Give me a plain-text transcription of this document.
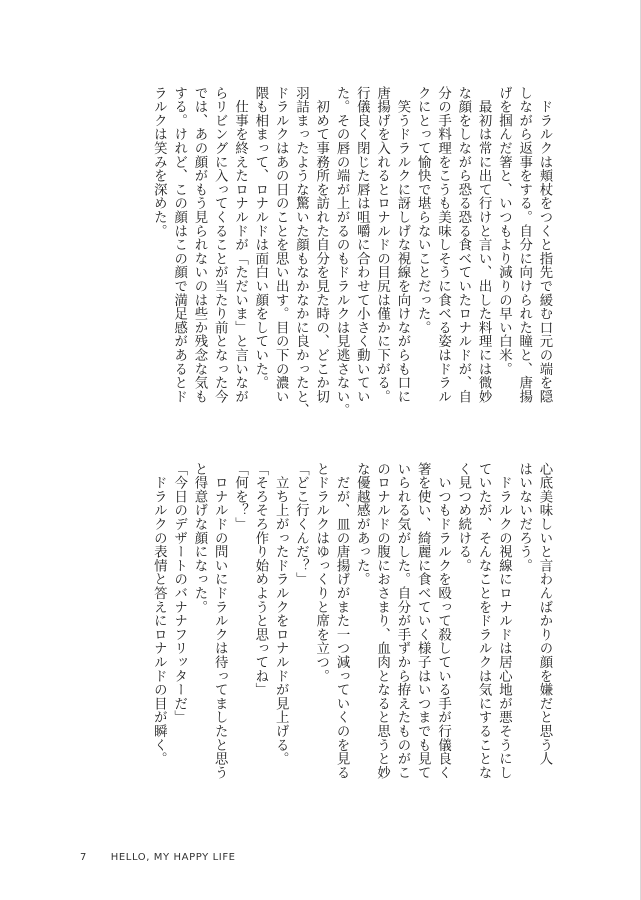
　ドラルクは頬杖をつくと指先で緩む口元の端を隠
しながら返事をする。自分に向けられた瞳と、唐揚
げを掴んだ箸と、いつもより減りの早い白米。
　最初は常に出て行けと言い、出した料理には微妙
な顔をしながら恐る恐る食べていたロナルドが、自
分の手料理をこうも美味しそうに食べる姿はドラル
クにとって愉快で堪らないことだった。
　笑うドラルクに訝しげな視線を向けながらも口に
唐揚げを入れるとロナルドの目尻は僅かに下がる。
行儀良く閉じた唇は咀嚼に合わせて小さく動いてい
た。その唇の端が上がるのもドラルクは見逃さない。
　初めて事務所を訪れた自分を見た時の、どこか切
羽詰まったような驚いた顔もなかなかに良かったと、
ドラルクはあの日のことを思い出す。目の下の濃い
隈も相まって、ロナルドは面白い顔をしていた。
　仕事を終えたロナルドが「ただいま」と言いなが
らリビングに入ってくることが当たり前となった今
では、あの顔がもう見られないのは些か残念な気も
する。けれど、この顔はこの顔で満足感があるとド
ラルクは笑みを深めた。
心底美味しいと言わんばかりの顔を嫌だと思う人
はいないだろう。
　ドラルクの視線にロナルドは居心地が悪そうにし
ていたが、そんなことをドラルクは気にすることな
く見つめ続ける。
　いつもドラルクを殴って殺している手が行儀良く
箸を使い、綺麗に食べていく様子はいつまでも見て
いられる気がした。自分が手ずから拵えたものがこ
のロナルドの腹におさまり、血肉となると思うと妙
な優越感があった。
　だが、皿の唐揚げがまた一つ減っていくのを見る
とドラルクはゆっくりと席を立つ。
「どこ行くんだ？」
　立ち上がったドラルクをロナルドが見上げる。
「そろそろ作り始めようと思ってね」
「何を？」
　ロナルドの問いにドラルクは待ってましたと思う
と得意げな顔になった。
「今日のデザートのバナナフリッターだ」
　ドラルクの表情と答えにロナルドの目が瞬く。
7 HELLO, MY HAPPY LIFE
